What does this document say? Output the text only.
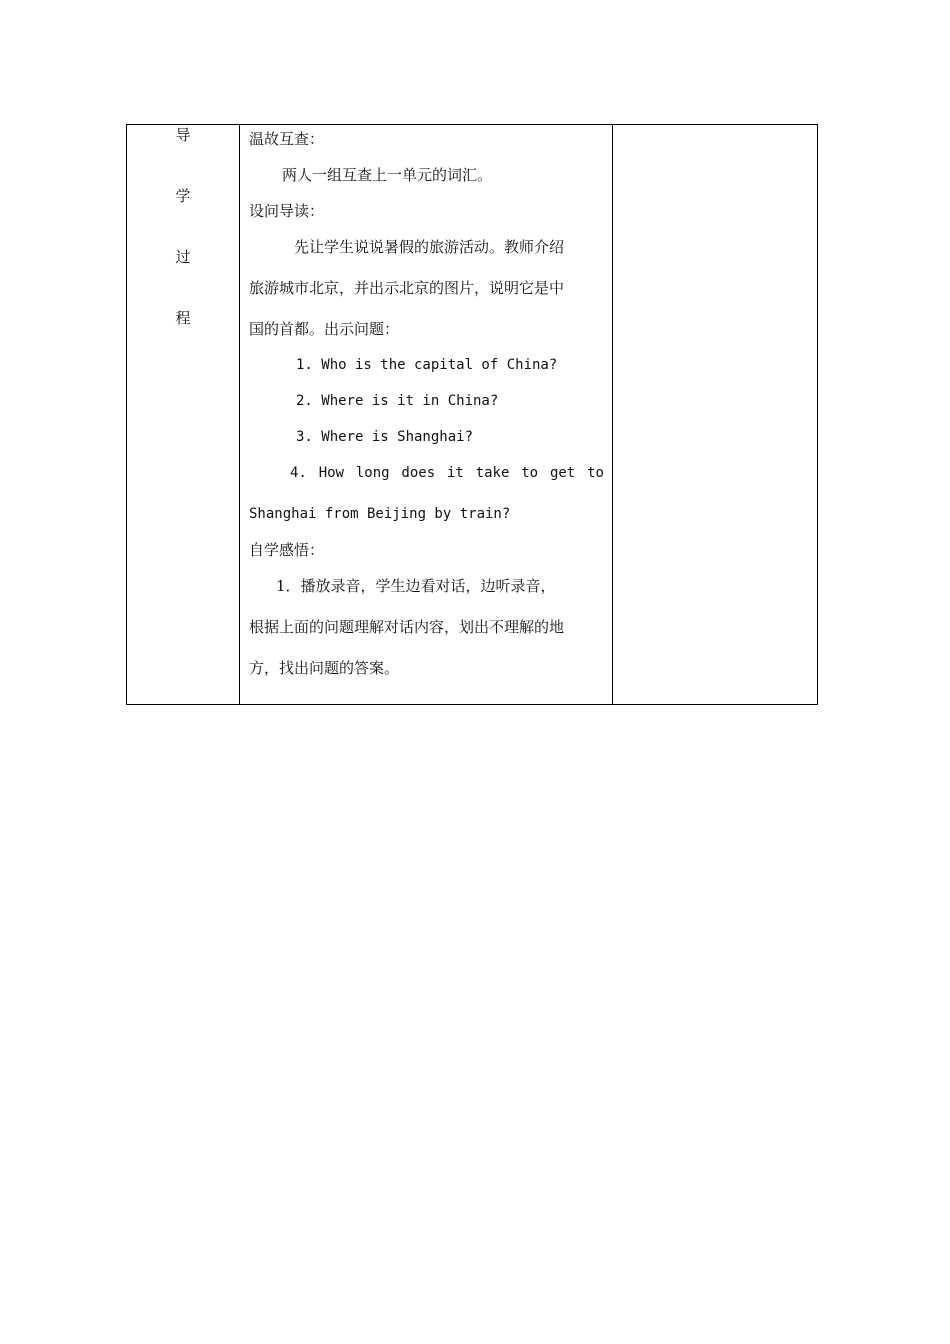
导
学
过
程

温故互查：
两人一组互查上一单元的词汇。
设问导读：
先让学生说说暑假的旅游活动。教师介绍
旅游城市北京，并出示北京的图片，说明它是中
国的首都。出示问题：
1. Who is the capital of China?
2. Where is it in China?
3. Where is Shanghai?
4. How long does it take to get to
Shanghai from Beijing by train?
自学感悟：
1．播放录音，学生边看对话，边听录音，
根据上面的问题理解对话内容，划出不理解的地
方，找出问题的答案。
